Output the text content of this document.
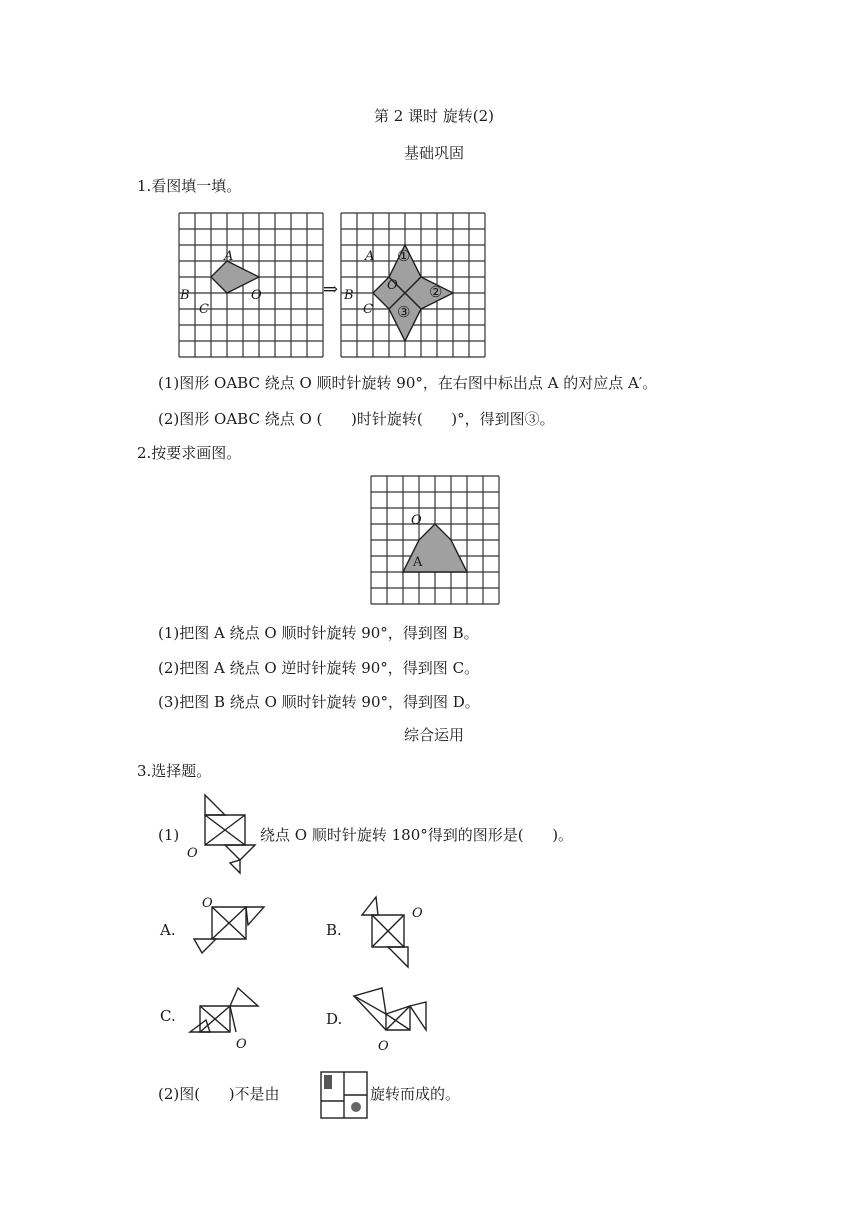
第 2 课时 旋转(2)
基础巩固
1.看图填一填。
A
B
C
O	⇒
A
B
C
O
①
②
③
(1)图形 OABC 绕点 O 顺时针旋转 90°，在右图中标出点 A 的对应点 A′。
(2)图形 OABC 绕点 O (      )时针旋转(      )°，得到图③。
2.按要求画图。
O
A
(1)把图 A 绕点 O 顺时针旋转 90°，得到图 B。
(2)把图 A 绕点 O 逆时针旋转 90°，得到图 C。
(3)把图 B 绕点 O 顺时针旋转 90°，得到图 D。
综合运用
3.选择题。
(1)
O
绕点 O 顺时针旋转 180°得到的图形是(      )。
A.
O
B.
O
C.
O
D.
O
(2)图(      )不是由	旋转而成的。
